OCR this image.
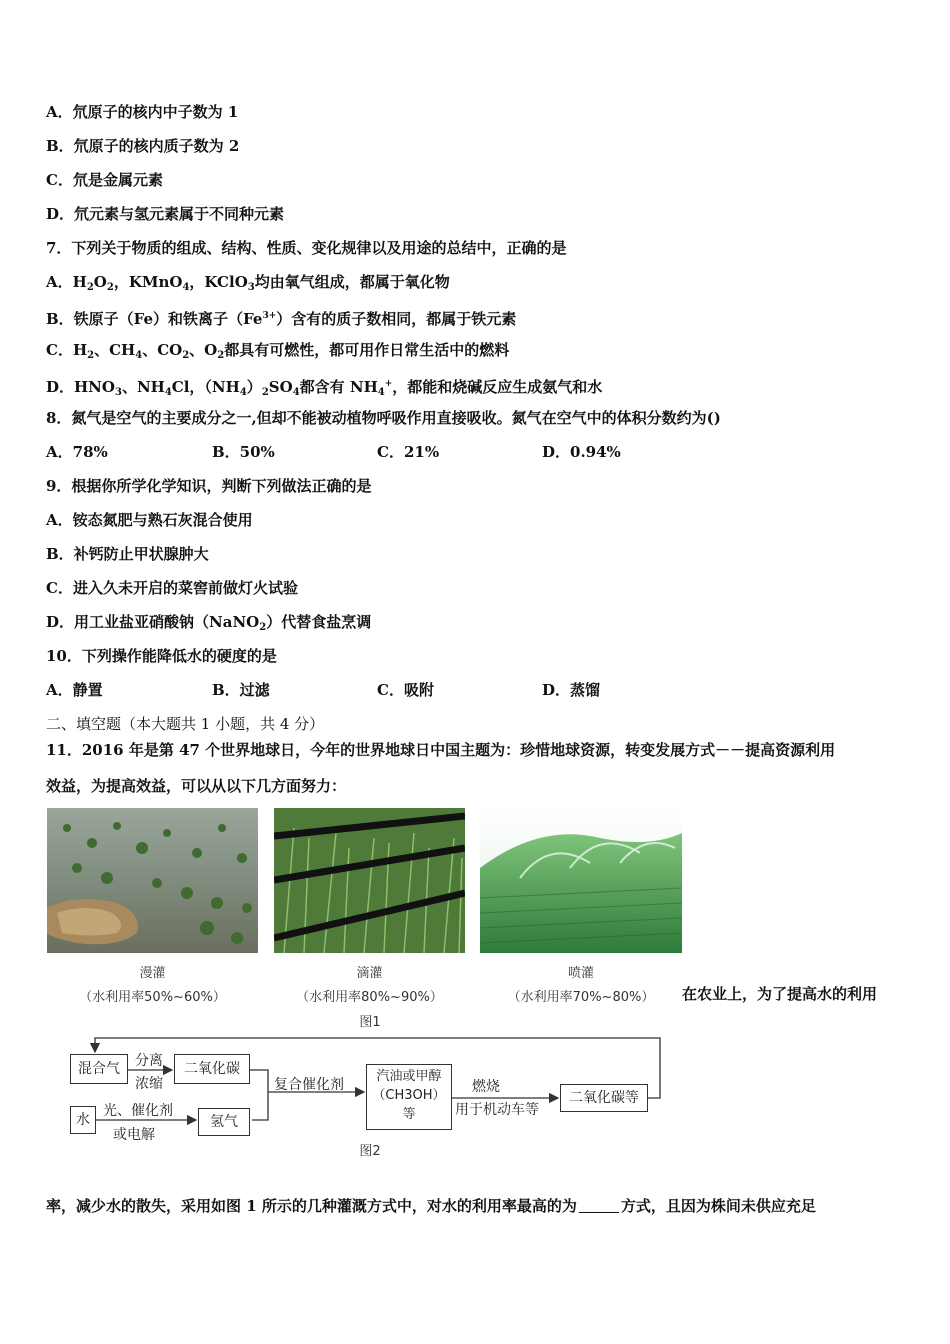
A．氘原子的核内中子数为 1
B．氘原子的核内质子数为 2
C．氘是金属元素
D．氘元素与氢元素属于不同种元素
7．下列关于物质的组成、结构、性质、变化规律以及用途的总结中，正确的是
A．$H_2O_2$，KMnO$_4$，KClO$_3$均由氧气组成，都属于氧化物
B．铁原子（Fe）和铁离子$(Fe^{3+})$含有的质子数相同，都属于铁元素
C．$H_2$、$CH_4$、$CO_2$、$O_2$都具有可燃性，都可用作日常生活中的燃料
D．$HNO_3$、$NH_4Cl$，$(NH_4)_2SO_4$都含有 $NH_4^+$，都能和烧碱反应生成氨气和水
8．氮气是空气的主要成分之一,但却不能被动植物呼吸作用直接吸收。氮气在空气中的体积分数约为()
A．78%	B．50%	C．21%	D．0.94%
9．根据你所学化学知识，判断下列做法正确的是
A．铵态氮肥与熟石灰混合使用
B．补钙防止甲状腺肿大
C．进入久未开启的菜窖前做灯火试验
D．用工业盐亚硝酸钠（NaNO$_2$）代替食盐烹调
10．下列操作能降低水的硬度的是
A．静置	B．过滤	C．吸附	D．蒸馏
二、填空题（本大题共 1 小题，共 4 分）
11．2016 年是第 47 个世界地球日，今年的世界地球日中国主题为：珍惜地球资源，转变发展方式－－提高资源利用
效益，为提高效益，可以从以下几方面努力：
漫灌
（水利用率50%~60%）
滴灌
（水利用率80%~90%）
喷灌
（水利用率70%~80%）	在农业上，为了提高水的利用
图1
混合气	分离
浓缩
二氧化碳
水
光、催化剂
或电解
氢气
复合催化剂
汽油或甲醇
（CH3OH）
等
燃烧
用于机动车等
二氧化碳等
图2
率，减少水的散失，采用如图 1 所示的几种灌溉方式中，对水的利用率最高的为	方式，且因为株间未供应充足
